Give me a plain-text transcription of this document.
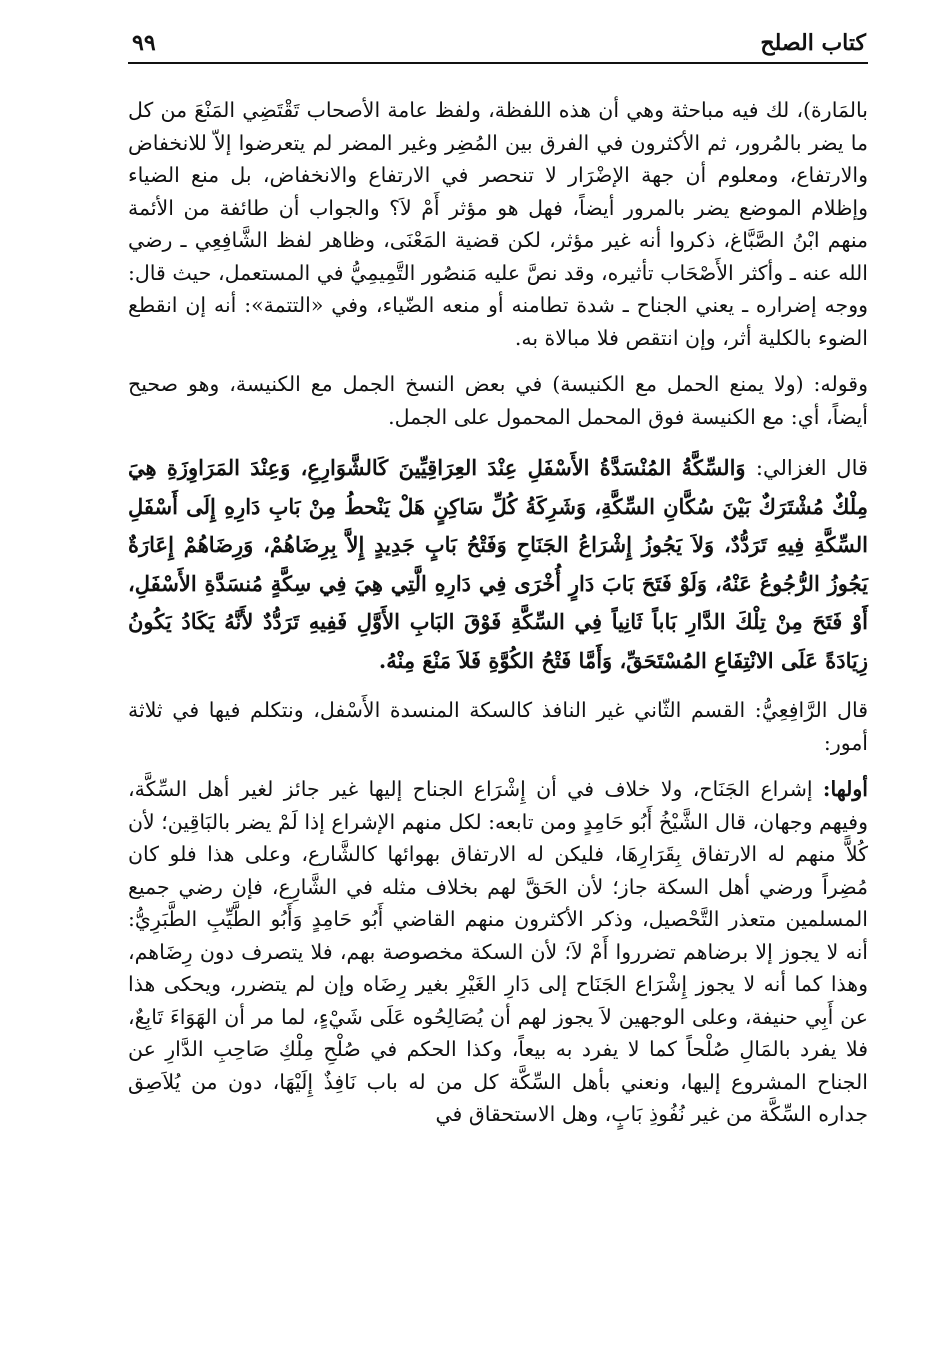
كتاب الصلح
٩٩

بالمَارة)، لك فيه مباحثة وهي أن هذه اللفظة، ولفظ عامة الأصحاب تَقْتَضِي المَنْعَ من كل ما يضر بالمُرور، ثم الأكثرون في الفرق بين المُضِر وغير المضر لم يتعرضوا إلاّ للانخفاض والارتفاع، ومعلوم أن جهة الإضْرَار لا تنحصر في الارتفاع والانخفاض، بل منع الضياء وإظلام الموضع يضر بالمرور أيضاً، فهل هو مؤثر أَمْ لاَ؟ والجواب أن طائفة من الأئمة منهم ابْنُ الصَّبَّاغ، ذكروا أنه غير مؤثر، لكن قضية المَعْنَى، وظاهر لفظ الشَّافِعِي ـ رضي الله عنه ـ وأكثر الأَصْحَاب تأثيره، وقد نصَّ عليه مَنصُور التَّمِيمِيُّ في المستعمل، حيث قال: ووجه إضراره ـ يعني الجناح ـ شدة تطامنه أو منعه الضّياء، وفي «التتمة»: أنه إن انقطع الضوء بالكلية أثر، وإن انتقص فلا مبالاة به.

وقوله: (ولا يمنع الحمل مع الكنيسة) في بعض النسخ الجمل مع الكنيسة، وهو صحيح أيضاً، أي: مع الكنيسة فوق المحمل المحمول على الجمل.

قال الغزالي: وَالسِّكَّةُ المُنْسَدَّةُ الأَسْفَلِ عِنْدَ العِرَاقِيِّينَ كَالشَّوَارِعِ، وَعِنْدَ المَرَاوِزَةِ هِيَ مِلْكٌ مُشْتَرَكٌ بَيْنَ سُكَّانِ السِّكَّةِ، وَشَرِكَةُ كُلِّ سَاكِنٍ هَلْ يَنْحطُ مِنْ بَابِ دَارِهِ إِلَى أَسْفَلِ السِّكَّةِ فِيهِ تَرَدُّدٌ، وَلاَ يَجُوزُ إِشْرَاعُ الجَنَاحِ وَفَتْحُ بَابٍ جَدِيدٍ إِلاَّ بِرِضَاهُمْ، وَرِضَاهُمْ إِعَارَةٌ يَجُوزُ الرُّجُوعُ عَنْهُ، وَلَوْ فَتَحَ بَابَ دَارٍ أُخْرَى فِي دَارِهِ الَّتِي هِيَ فِي سِكَّةٍ مُنسَدَّةِ الأَسْفَلِ، أَوْ فَتَحَ مِنْ تِلْكَ الدَّارِ بَاباً ثَانِياً فِي السِّكَّةِ فَوْقَ البَابِ الأَوَّلِ فَفِيهِ تَرَدُّدٌ لأَنَّهُ يَكَادُ يَكُونُ زِيَادَةً عَلَى الانْتِفَاعِ المُسْتَحَقِّ، وَأَمَّا فَتْحُ الكُوَّةِ فَلاَ مَنْعَ مِنْهُ.

قال الرَّافِعِيُّ: القسم الثّاني غير النافذ كالسكة المنسدة الأَسْفل، ونتكلم فيها في ثلاثة أمور:

أولها: إشراع الجَنَاح، ولا خلاف في أن إِشْرَاع الجناح إليها غير جائز لغير أهل السِّكَّة، وفيهم وجهان، قال الشَّيْخُ أَبُو حَامِدٍ ومن تابعه: لكل منهم الإشراع إذا لَمْ يضر بالبَاقِين؛ لأن كُلاًّ منهم له الارتفاق بِقَرَارِهَا، فليكن له الارتفاق بهوائها كالشَّارع، وعلى هذا فلو كان مُضِراً ورضي أهل السكة جاز؛ لأن الحَقَّ لهم بخلاف مثله في الشَّارِع، فإن رضي جميع المسلمين متعذر التَّحْصيل، وذكر الأكثرون منهم القاضي أَبُو حَامِدٍ وَأَبُو الطَّيِّبِ الطَّبَرِيُّ: أنه لا يجوز إلا برضاهم تضرروا أَمْ لاَ؛ لأن السكة مخصوصة بهم، فلا يتصرف دون رِضَاهم، وهذا كما أنه لا يجوز إِشْرَاع الجَنَاح إلى دَارِ الغَيْرِ بغير رِضَاه وإن لم يتضرر، ويحكى هذا عن أَبِي حنيفة، وعلى الوجهين لاَ يجوز لهم أن يُصَالِحُوه عَلَى شَيْءٍ، لما مر أن الهَوَاءَ تَابِعٌ، فلا يفرد بالمَالِ صُلْحاً كما لا يفرد به بيعاً، وكذا الحكم في صُلْحِ مِلْكِ صَاحِبِ الدَّارِ عن الجناح المشروع إليها، ونعني بأهل السِّكَّة كل من له باب نَافِذٌ إِلَيْهَا، دون من يُلاَصِق جداره السِّكَّة من غير نُفُوذِ بَابٍ، وهل الاستحقاق في
